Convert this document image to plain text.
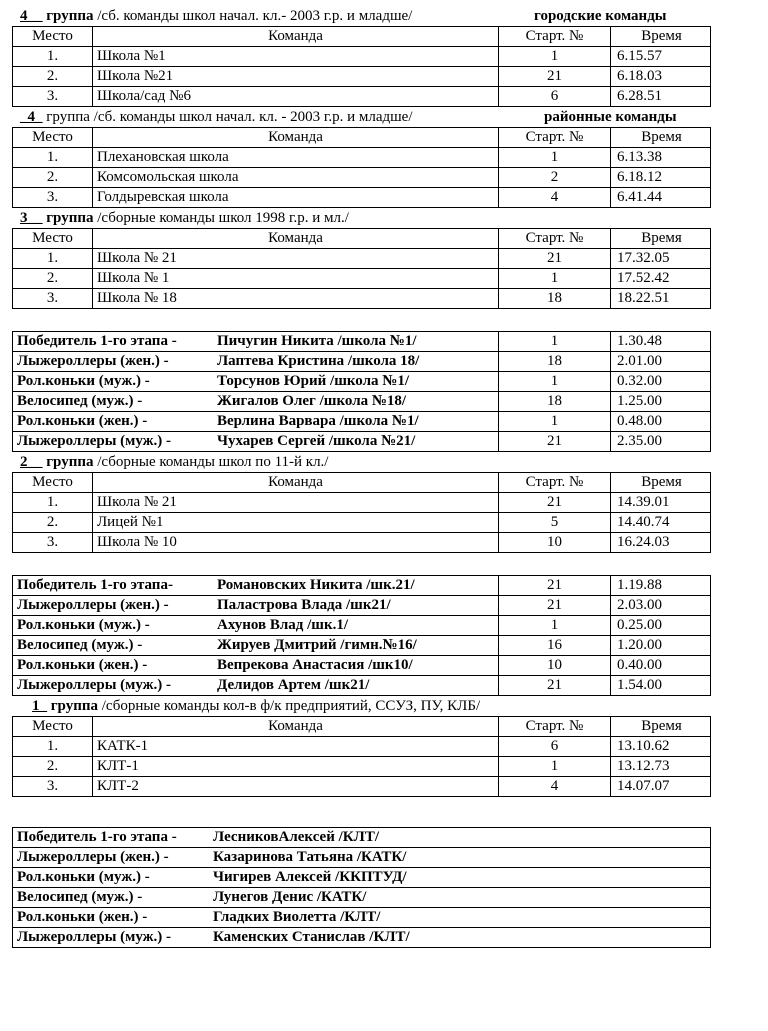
4__ группа /сб. команды школ начал. кл.- 2003 г.р. и младше/	городские команды
Место	Команда	Старт. №	Время
1.	Школа №1	1	6.15.57
2.	Школа №21	21	6.18.03
3.	Школа/сад №6	6	6.28.51
_4_ группа /сб. команды школ начал. кл. - 2003 г.р. и младше/	районные команды
Место	Команда	Старт. №	Время
1.	Плехановская школа	1	6.13.38
2.	Комсомольская школа	2	6.18.12
3.	Голдыревская школа	4	6.41.44
3__ группа /сборные команды школ 1998 г.р. и мл./
Место	Команда	Старт. №	Время
1.	Школа № 21	21	17.32.05
2.	Школа № 1	1	17.52.42
3.	Школа № 18	18	18.22.51
Победитель 1-го этапа - Пичугин Никита /школа №1/	1	1.30.48
Лыжероллеры (жен.) - Лаптева Кристина /школа 18/	18	2.01.00
Рол.коньки (муж.) - Торсунов Юрий /школа №1/	1	0.32.00
Велосипед (муж.) - Жигалов Олег /школа №18/	18	1.25.00
Рол.коньки (жен.) - Верлина Варвара /школа №1/	1	0.48.00
Лыжероллеры (муж.) - Чухарев Сергей /школа №21/	21	2.35.00
2__ группа /сборные команды школ по 11-й кл./
Место	Команда	Старт. №	Время
1.	Школа № 21	21	14.39.01
2.	Лицей №1	5	14.40.74
3.	Школа № 10	10	16.24.03
Победитель 1-го этапа- Романовских Никита /шк.21/	21	1.19.88
Лыжероллеры (жен.) - Паластрова Влада /шк21/	21	2.03.00
Рол.коньки (муж.) - Ахунов Влад /шк.1/	1	0.25.00
Велосипед (муж.) - Жируев Дмитрий /гимн.№16/	16	1.20.00
Рол.коньки (жен.) - Вепрекова Анастасия /шк10/	10	0.40.00
Лыжероллеры (муж.) - Делидов Артем /шк21/	21	1.54.00
1_ группа /сборные команды кол-в ф/к предприятий, ССУЗ, ПУ, КЛБ/
Место	Команда	Старт. №	Время
1.	КАТК-1	6	13.10.62
2.	КЛТ-1	1	13.12.73
3.	КЛТ-2	4	14.07.07
Победитель 1-го этапа -ЛесниковАлексей /КЛТ/
Лыжероллеры (жен.) -	Казаринова Татьяна /КАТК/
Рол.коньки (муж.) -	Чигирев Алексей /ККПТУД/
Велосипед (муж.) -	Лунегов Денис /КАТК/
Рол.коньки (жен.) -	Гладких Виолетта /КЛТ/
Лыжероллеры (муж.) -	Каменских Станислав /КЛТ/
